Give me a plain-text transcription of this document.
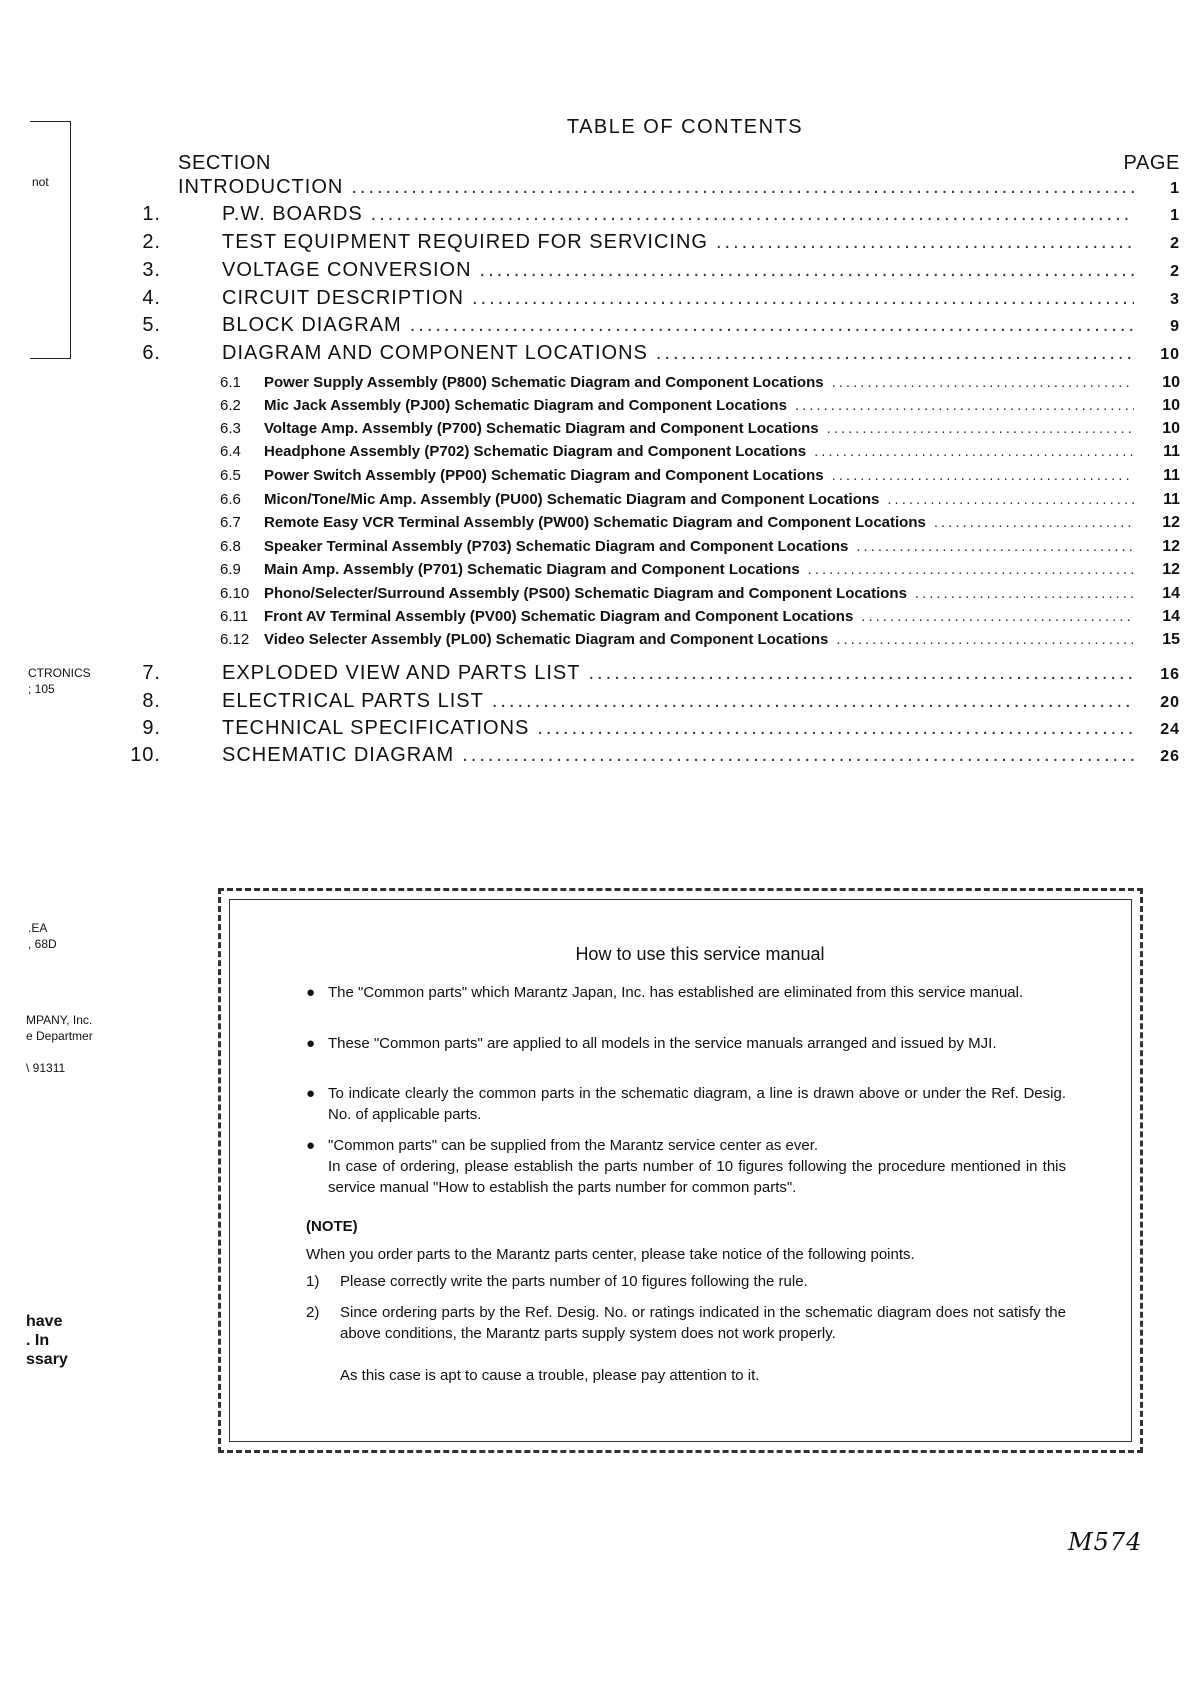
not
CTRONICS
; 105
.EA
, 68D
MPANY, Inc.
e Departmer
\ 91311
have
. In
ssary
TABLE OF CONTENTS
SECTION	PAGE
INTRODUCTION .....	1
1.	P.W. BOARDS .....	1
2.	TEST EQUIPMENT REQUIRED FOR SERVICING .....	2
3.	VOLTAGE CONVERSION .....	2
4.	CIRCUIT DESCRIPTION .....	3
5.	BLOCK DIAGRAM .....	9
6.	DIAGRAM AND COMPONENT LOCATIONS .....	10
6.1	Power Supply Assembly (P800) Schematic Diagram and Component Locations .....	10
6.2	Mic Jack Assembly (PJ00) Schematic Diagram and Component Locations .....	10
6.3	Voltage Amp. Assembly (P700) Schematic Diagram and Component Locations .....	10
6.4	Headphone Assembly (P702) Schematic Diagram and Component Locations .....	11
6.5	Power Switch Assembly (PP00) Schematic Diagram and Component Locations .....	11
6.6	Micon/Tone/Mic Amp. Assembly (PU00) Schematic Diagram and Component Locations .....	11
6.7	Remote Easy VCR Terminal Assembly (PW00) Schematic Diagram and Component Locations .....	12
6.8	Speaker Terminal Assembly (P703) Schematic Diagram and Component Locations .....	12
6.9	Main Amp. Assembly (P701) Schematic Diagram and Component Locations .....	12
6.10 Phono/Selecter/Surround Assembly (PS00) Schematic Diagram and Component Locations .....	14
6.11	Front AV Terminal Assembly (PV00) Schematic Diagram and Component Locations .....	14
6.12 Video Selecter Assembly (PL00) Schematic Diagram and Component Locations .....	15
7.	EXPLODED VIEW AND PARTS LIST .....	16
8.	ELECTRICAL PARTS LIST .....	20
9.	TECHNICAL SPECIFICATIONS .....	24
10.	SCHEMATIC DIAGRAM .....	26
How to use this service manual
● The "Common parts" which Marantz Japan, Inc. has established are eliminated from this service manual.
● These "Common parts" are applied to all models in the service manuals arranged and issued by MJI.
● To indicate clearly the common parts in the schematic diagram, a line is drawn above or under the Ref. Desig. No. of applicable parts.
● "Common parts" can be supplied from the Marantz service center as ever.
In case of ordering, please establish the parts number of 10 figures following the procedure mentioned in this service manual "How to establish the parts number for common parts".
(NOTE)
When you order parts to the Marantz parts center, please take notice of the following points.
1) Please correctly write the parts number of 10 figures following the rule.
2) Since ordering parts by the Ref. Desig. No. or ratings indicated in the schematic diagram does not satisfy the above conditions, the Marantz parts supply system does not work properly.
As this case is apt to cause a trouble, please pay attention to it.
M574
